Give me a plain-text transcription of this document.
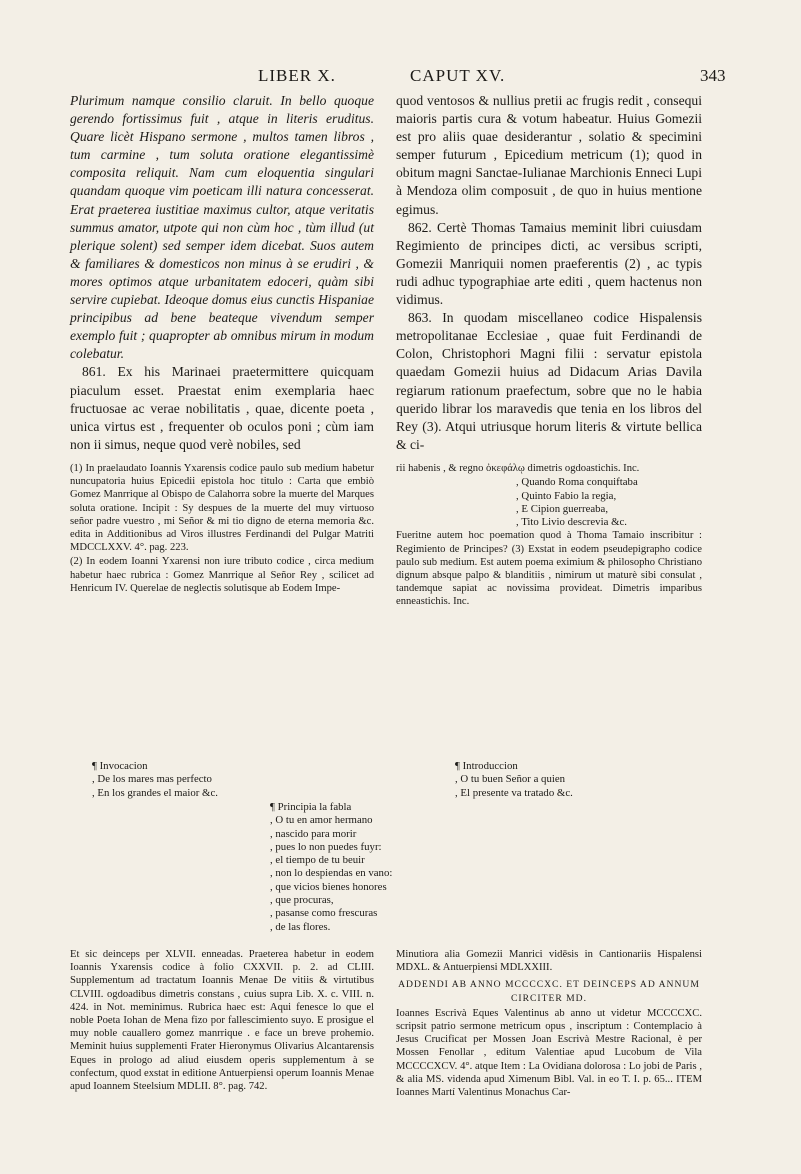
LIBER X.	CAPUT XV.	343

Plurimum namque consilio claruit. In bello quoque gerendo fortissimus fuit , atque in literis eruditus. Quare licèt Hispano sermone , multos tamen libros , tum carmine , tum soluta oratione elegantissimè composita reliquit. Nam cum eloquentia singulari quandam quoque vim poeticam illi natura concesserat. Erat praeterea iustitiae maximus cultor, atque veritatis summus amator, utpote qui non cùm hoc , tùm illud (ut plerique solent) sed semper idem dicebat. Suos autem & familiares & domesticos non minus à se erudiri , & mores optimos atque urbanitatem edoceri, quàm sibi servire cupiebat. Ideoque domus eius cunctis Hispaniae principibus ad bene beateque vivendum semper exemplo fuit ; quapropter ab omnibus mirum in modum colebatur.

861. Ex his Marinaei praetermittere quicquam piaculum esset. Praestat enim exemplaria haec fructuosae ac verae nobilitatis , quae, dicente poeta , unica virtus est , frequenter ob oculos poni ; cùm iam non ii simus, neque quod verè nobiles, sed

quod ventosos & nullius pretii ac frugis redit , consequi maioris partis cura & votum habeatur. Huius Gomezii est pro aliis quae desiderantur , solatio & specimini semper futurum , Epicedium metricum (1); quod in obitum magni Sanctae-Iulianae Marchionis Enneci Lupi à Mendoza olim composuit , de quo in huius mentione egimus.

862. Certè Thomas Tamaius meminit libri cuiusdam Regimiento de principes dicti, ac versibus scripti, Gomezii Manriquii nomen praeferentis (2) , ac typis rudi adhuc typographiae arte editi , quem hactenus non vidimus.

863. In quodam miscellaneo codice Hispalensis metropolitanae Ecclesiae , quae fuit Ferdinandi de Colon, Christophori Magni filii : servatur epistola quaedam Gomezii huius ad Didacum Arias Davila regiarum rationum praefectum, sobre que no le habia querido librar los maravedis que tenia en los libros del Rey (3). Atqui utriusque horum literis & virtute bellica & ci-

(1) In praelaudato Ioannis Yxarensis codice paulo sub medium habetur nuncupatoria huius Epicedii epistola hoc titulo : Carta que embiò Gomez Manrrique al Obispo de Calahorra sobre la muerte del Marques soluta oratione. Incipit : Sy despues de la muerte del muy virtuoso señor padre vuestro , mi Señor & mi tio digno de eterna memoria &c. edita in Additionibus ad Viros illustres Ferdinandi del Pulgar Matriti MDCCLXXV. 4°. pag. 223.

(2) In eodem Ioanni Yxarensi non iure tributo codice , circa medium habetur haec rubrica : Gomez Manrrique al Señor Rey , scilicet ad Henricum IV. Querelae de neglectis solutisque ab Eodem Impe-

rii habenis , & regno ὀκεφάλῳ dimetris ogdoastichis. Inc.

, Quando Roma conquiftaba
, Quinto Fabio la regia,
, E Cipion guerreaba,
, Tito Livio descrevia &c.

Fueritne autem hoc poemation quod à Thoma Tamaio inscribitur : Regimiento de Principes? (3) Exstat in eodem pseudepigrapho codice paulo sub medium. Est autem poema eximium & philosopho Christiano dignum absque palpo & blanditiis , nimirum ut maturè sibi consulat , tandemque sapiat ac novissima provideat. Dimetris imparibus enneastichis. Inc.

¶ Invocacion
, De los mares mas perfecto
, En los grandes el maior &c.
¶ Introduccion
, O tu buen Señor a quien
, El presente va tratado &c.
¶ Principia la fabla
, O tu en amor hermano
, nascido para morir
, pues lo non puedes fuyr:
, el tiempo de tu beuir
, non lo despiendas en vano:
, que vicios bienes honores
, que procuras,
, pasanse como frescuras
, de las flores.

Et sic deinceps per XLVII. enneadas. Praeterea habetur in eodem Ioannis Yxarensis codice à folio CXXVII. p. 2. ad CLIII. Supplementum ad tractatum Ioannis Menae De vitiis & virtutibus CLVIII. ogdoadibus dimetris constans , cuius supra Lib. X. c. VIII. n. 424. in Not. meminimus. Rubrica haec est: Aqui fenesce lo que el noble Poeta Iohan de Mena fizo por fallescimiento suyo. E prosigue el muy noble cauallero gomez manrrique . e face un breve prohemio. Meminit huius supplementi Frater Hieronymus Olivarius Alcantarensis Eques in prologo ad aliud eiusdem operis supplementum à se confectum, quod exstat in editione Antuerpiensi operum Ioannis Menae apud Ioannem Steelsium MDLII. 8°. pag. 742.

Minutiora alia Gomezii Manrici vidēsis in Cantionariis Hispalensi MDXL. & Antuerpiensi MDLXXIII.

ADDENDI AB ANNO MCCCCXC. ET DEINCEPS AD ANNUM CIRCITER MD.

Ioannes Escrivà Eques Valentinus ab anno ut videtur MCCCCXC. scripsit patrio sermone metricum opus , inscriptum : Contemplacio à Jesus Crucificat per Mossen Joan Escrivà Mestre Racional, è per Mossen Fenollar , editum Valentiae apud Lucobum de Vila MCCCCXCV. 4°. atque Item : La Ovidiana dolorosa : Lo jobi de Paris , & alia MS. videnda apud Ximenum Bibl. Val. in eo T. I. p. 65... ITEM Ioannes Martí Valentinus Monachus Car-
